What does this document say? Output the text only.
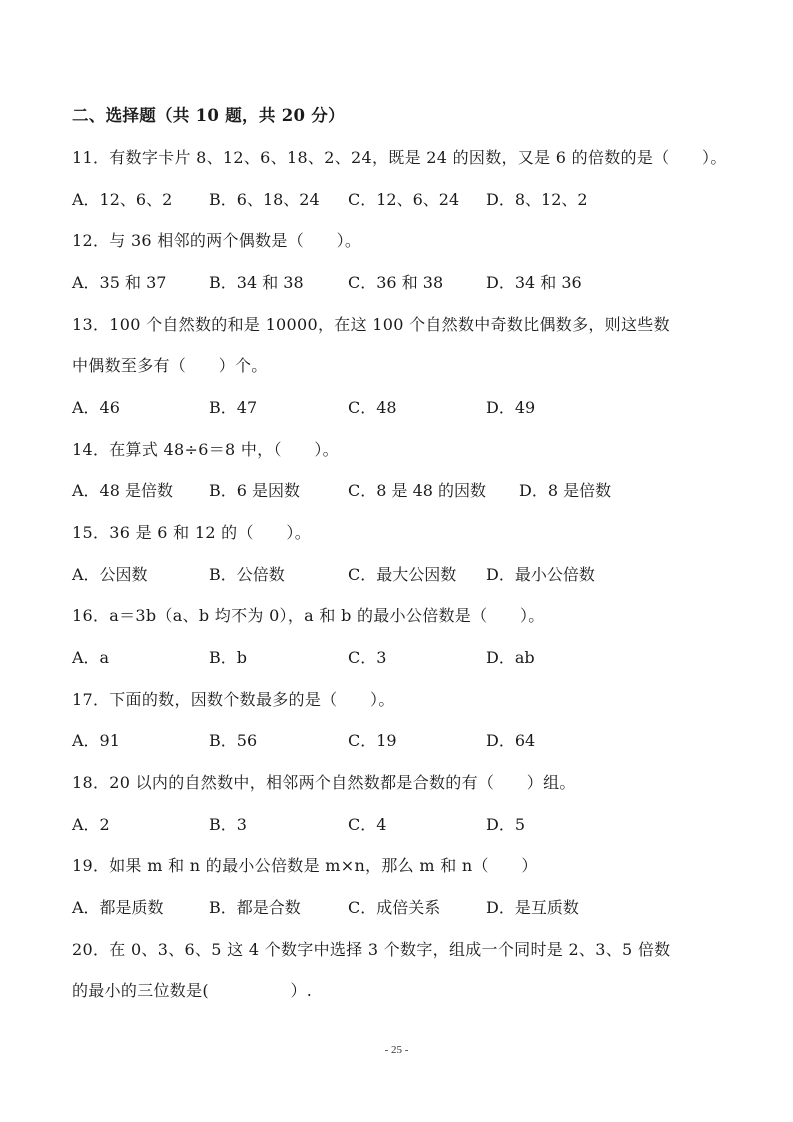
二、选择题（共 10 题，共 20 分）
11．有数字卡片 8、12、6、18、2、24，既是 24 的因数，又是 6 的倍数的是（　　）。
A．12、6、2 B．6、18、24 C．12、6、24 D．8、12、2
12．与 36 相邻的两个偶数是（　　）。
A．35 和 37	B．34 和 38	C．36 和 38	D．34 和 36
13．100 个自然数的和是 10000，在这 100 个自然数中奇数比偶数多，则这些数
中偶数至多有（　　）个。
A．46	B．47	C．48	D．49
14．在算式 48÷6＝8 中，（　　）。
A．48 是倍数 B．6 是因数	C．8 是 48 的因数 D．8 是倍数
15．36 是 6 和 12 的（　　）。
A．公因数	B．公倍数	C．最大公因数 D．最小公倍数
16．a＝3b（a、b 均不为 0），a 和 b 的最小公倍数是（　　）。
A．a	B．b	C．3	D．ab
17．下面的数，因数个数最多的是（　　）。
A．91	B．56	C．19	D．64
18．20 以内的自然数中，相邻两个自然数都是合数的有（　　）组。
A．2	B．3	C．4	D．5
19．如果 m 和 n 的最小公倍数是 m×n，那么 m 和 n（　　）
A．都是质数	B．都是合数	C．成倍关系	D．是互质数
20．在 0、3、6、5 这 4 个数字中选择 3 个数字，组成一个同时是 2、3、5 倍数
的最小的三位数是(　　　　　）.
- 25 -
